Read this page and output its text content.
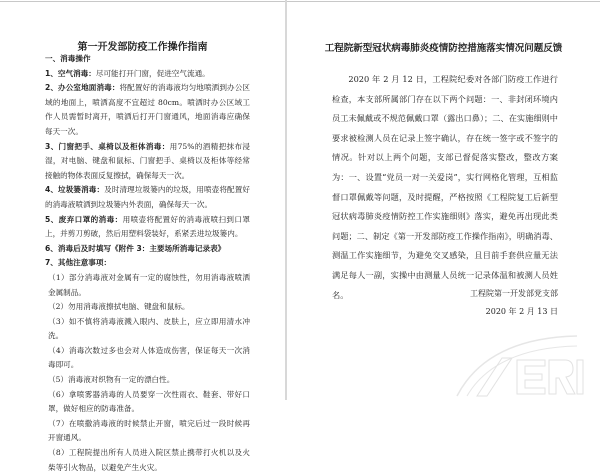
第一开发部防疫工作操作指南

一、消毒操作

1、空气消毒：尽可能打开门窗，促进空气流通。

2、办公室地面消毒：将配置好的消毒液均匀地喷洒到办公区域的地面上，喷洒高度不宜超过 80cm。喷洒时办公区域工作人员需暂时离开，喷洒后打开门窗通风，地面消毒应确保每天一次。

3、门窗把手、桌椅以及柜体消毒：用75%的酒精把抹布浸湿，对电脑、键盘和鼠标、门窗把手、桌椅以及柜体等经常接触的物体表面反复擦拭，确保每天一次。

4、垃圾篓消毒：及时清理垃圾篓内的垃圾，用喷壶将配置好的消毒液喷洒到垃圾篓内外表面，确保每天一次。

5、废弃口罩的消毒：用喷壶将配置好的消毒液喷扫到口罩上，并剪刀剪破，然后用塑料袋装好，系紧丢进垃圾篓内。

6、消毒后及时填写《附件 3：主要场所消毒记录表》

7、其他注意事项：

（1）部分消毒液对金属有一定的腐蚀性，勿用消毒液喷洒金属制品。

（2）勿用消毒液擦拭电脑、键盘和鼠标。

（3）如不慎将消毒液溅入眼内、皮肤上，应立即用清水冲洗。

（4）消毒次数过多也会对人体造成伤害，保证每天一次消毒即可。

（5）消毒液对织物有一定的漂白性。

（6）拿喷雾器消毒的人员要穿一次性雨衣、鞋套、带好口罩，做好相应的防毒准备。

（7）在喷撒消毒液的时候禁止开窗，喷完后过一段时候再开窗通风。

（8）工程院提出所有人员进入院区禁止携带打火机以及火柴等引火物品，以避免产生火灾。

工程院新型冠状病毒肺炎疫情防控措施落实情况问题反馈
2020 年 2 月 12 日，工程院纪委对各部门防疫工作进行检查，本支部所属部门存在以下两个问题：一、非封闭环境内员工未佩戴或不规范佩戴口罩（露出口鼻）；二、在实施细则中要求被检测人员在记录上签字确认，存在统一签字或不签字的情况。针对以上两个问题，支部已督促落实整改，整改方案为：一、设置“党员一对一关爱岗”，实行网格化管理，互相监督口罩佩戴等问题，及时提醒，严格按照《工程院复工后新型冠状病毒肺炎疫情防控工作实施细则》落实，避免再出现此类问题；二、制定《第一开发部防疫工作操作指南》，明确消毒、测温工作实施细节，为避免交叉感染，且目前手套供应量无法满足每人一副，实操中由测量人员统一记录体温和被测人员姓名。	工程院第一开发部党支部
2020 年 2 月 13 日
